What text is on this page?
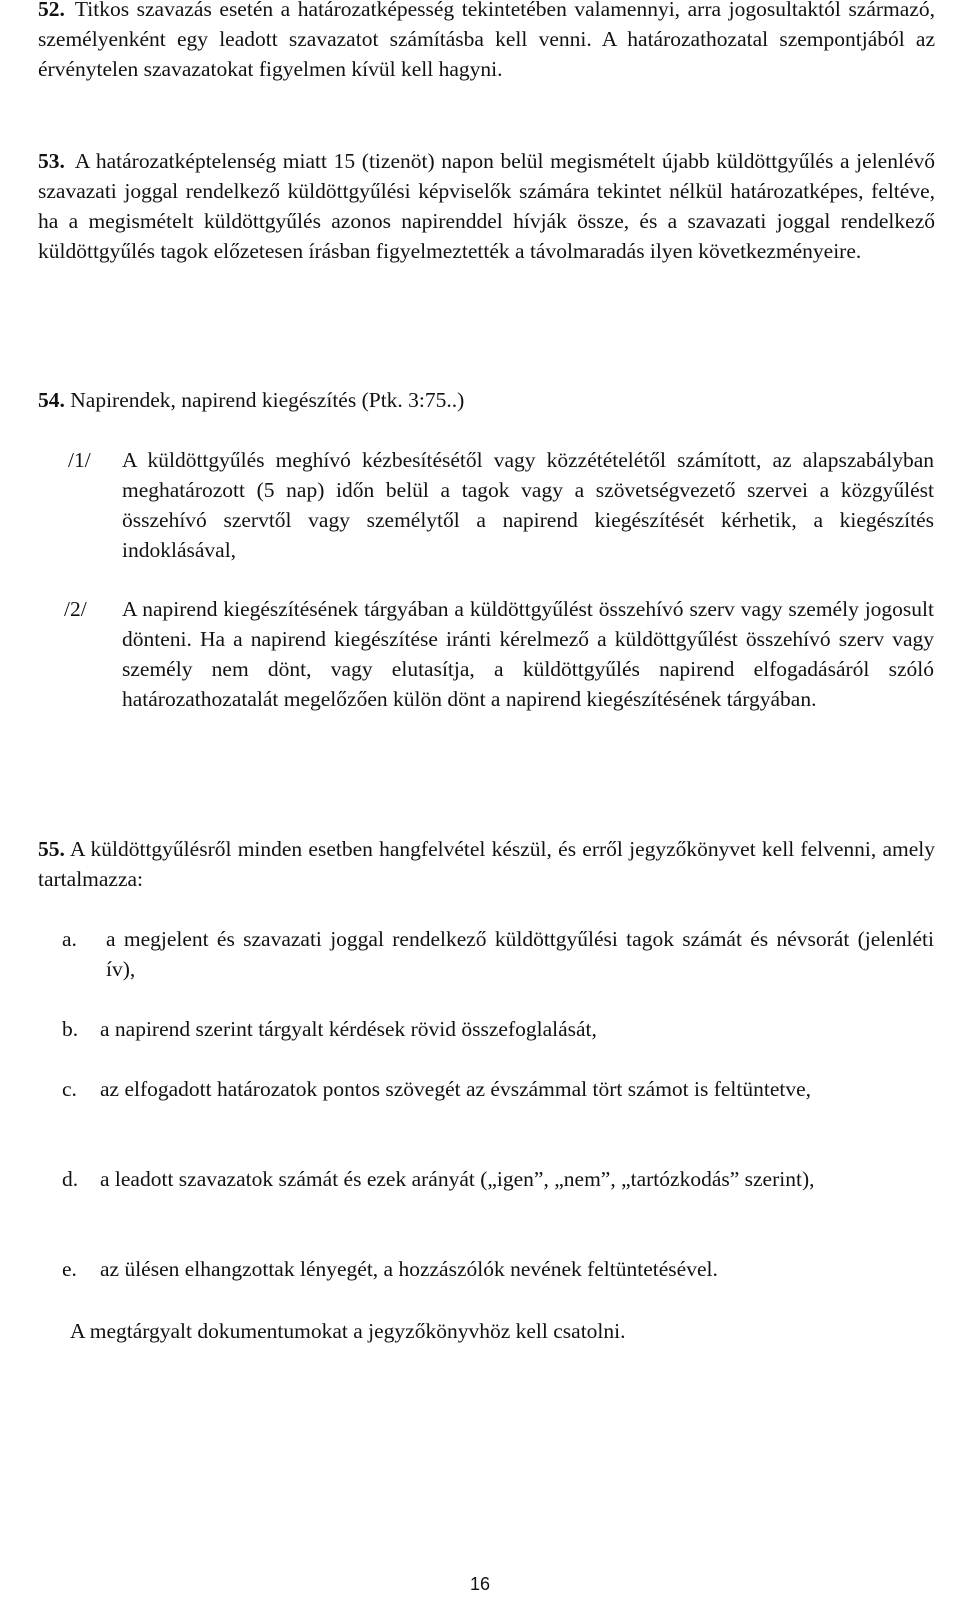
52. Titkos szavazás esetén a határozatképesség tekintetében valamennyi, arra jogosultaktól származó, személyenként egy leadott szavazatot számításba kell venni. A határozathozatal szempontjából az érvénytelen szavazatokat figyelmen kívül kell hagyni.
53. A határozatképtelenség miatt 15 (tizenöt) napon belül megismételt újabb küldöttgyűlés a jelenlévő szavazati joggal rendelkező küldöttgyűlési képviselők számára tekintet nélkül határozatképes, feltéve, ha a megismételt küldöttgyűlés azonos napirenddel hívják össze, és a szavazati joggal rendelkező küldöttgyűlés tagok előzetesen írásban figyelmeztették a távolmaradás ilyen következményeire.
54. Napirendek, napirend kiegészítés (Ptk. 3:75..)
/1/ A küldöttgyűlés meghívó kézbesítésétől vagy közzétételétől számított, az alapszabályban meghatározott (5 nap) időn belül a tagok vagy a szövetségvezető szervei a közgyűlést összehívó szervtől vagy személytől a napirend kiegészítését kérhetik, a kiegészítés indoklásával,
/2/ A napirend kiegészítésének tárgyában a küldöttgyűlést összehívó szerv vagy személy jogosult dönteni. Ha a napirend kiegészítése iránti kérelmező a küldöttgyűlést összehívó szerv vagy személy nem dönt, vagy elutasítja, a küldöttgyűlés napirend elfogadásáról szóló határozathozatalát megelőzően külön dönt a napirend kiegészítésének tárgyában.
55. A küldöttgyűlésről minden esetben hangfelvétel készül, és erről jegyzőkönyvet kell felvenni, amely tartalmazza:
a. a megjelent és szavazati joggal rendelkező küldöttgyűlési tagok számát és névsorát (jelenléti ív),
b. a napirend szerint tárgyalt kérdések rövid összefoglalását,
c. az elfogadott határozatok pontos szövegét az évszámmal tört számot is feltüntetve,
d. a leadott szavazatok számát és ezek arányát („igen”, „nem”, „tartózkodás” szerint),
e. az ülésen elhangzottak lényegét, a hozzászólók nevének feltüntetésével.
A megtárgyalt dokumentumokat a jegyzőkönyvhöz kell csatolni.
16
